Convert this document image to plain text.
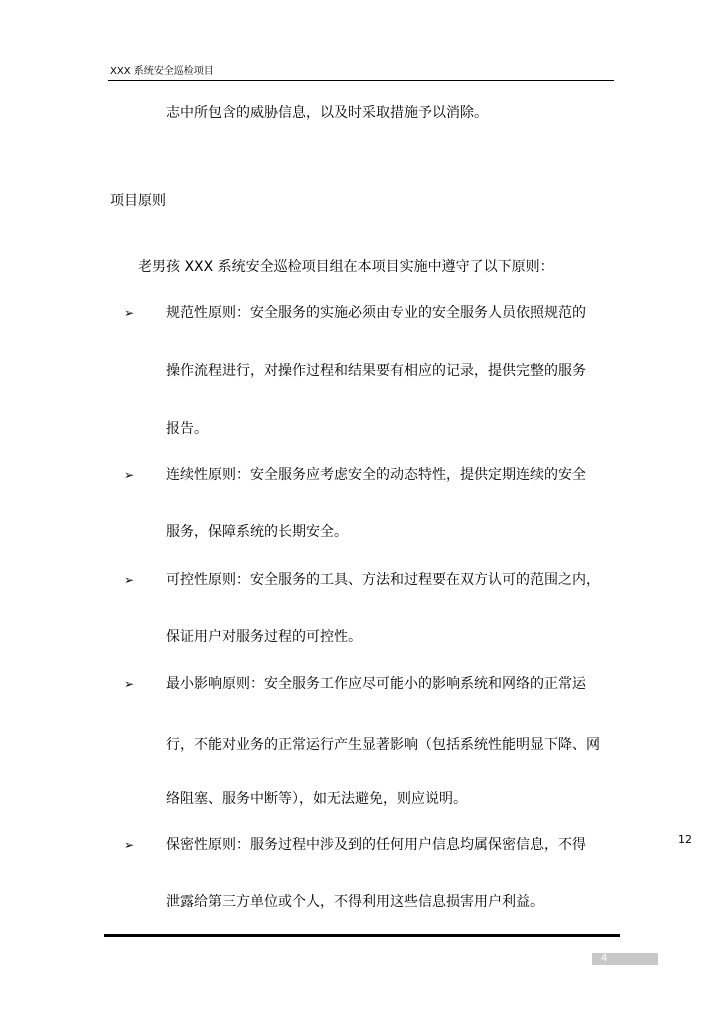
XXX 系统安全巡检项目
志中所包含的威胁信息，以及时采取措施予以消除。
项目原则
老男孩 XXX 系统安全巡检项目组在本项目实施中遵守了以下原则：
➢ 规范性原则：安全服务的实施必须由专业的安全服务人员依照规范的
操作流程进行，对操作过程和结果要有相应的记录，提供完整的服务
报告。
➢ 连续性原则：安全服务应考虑安全的动态特性，提供定期连续的安全
服务，保障系统的长期安全。
➢ 可控性原则：安全服务的工具、方法和过程要在双方认可的范围之内，
保证用户对服务过程的可控性。
➢ 最小影响原则：安全服务工作应尽可能小的影响系统和网络的正常运
行，不能对业务的正常运行产生显著影响（包括系统性能明显下降、网
络阻塞、服务中断等），如无法避免，则应说明。
➢ 保密性原则：服务过程中涉及到的任何用户信息均属保密信息，不得
泄露给第三方单位或个人，不得利用这些信息损害用户利益。
12
4
